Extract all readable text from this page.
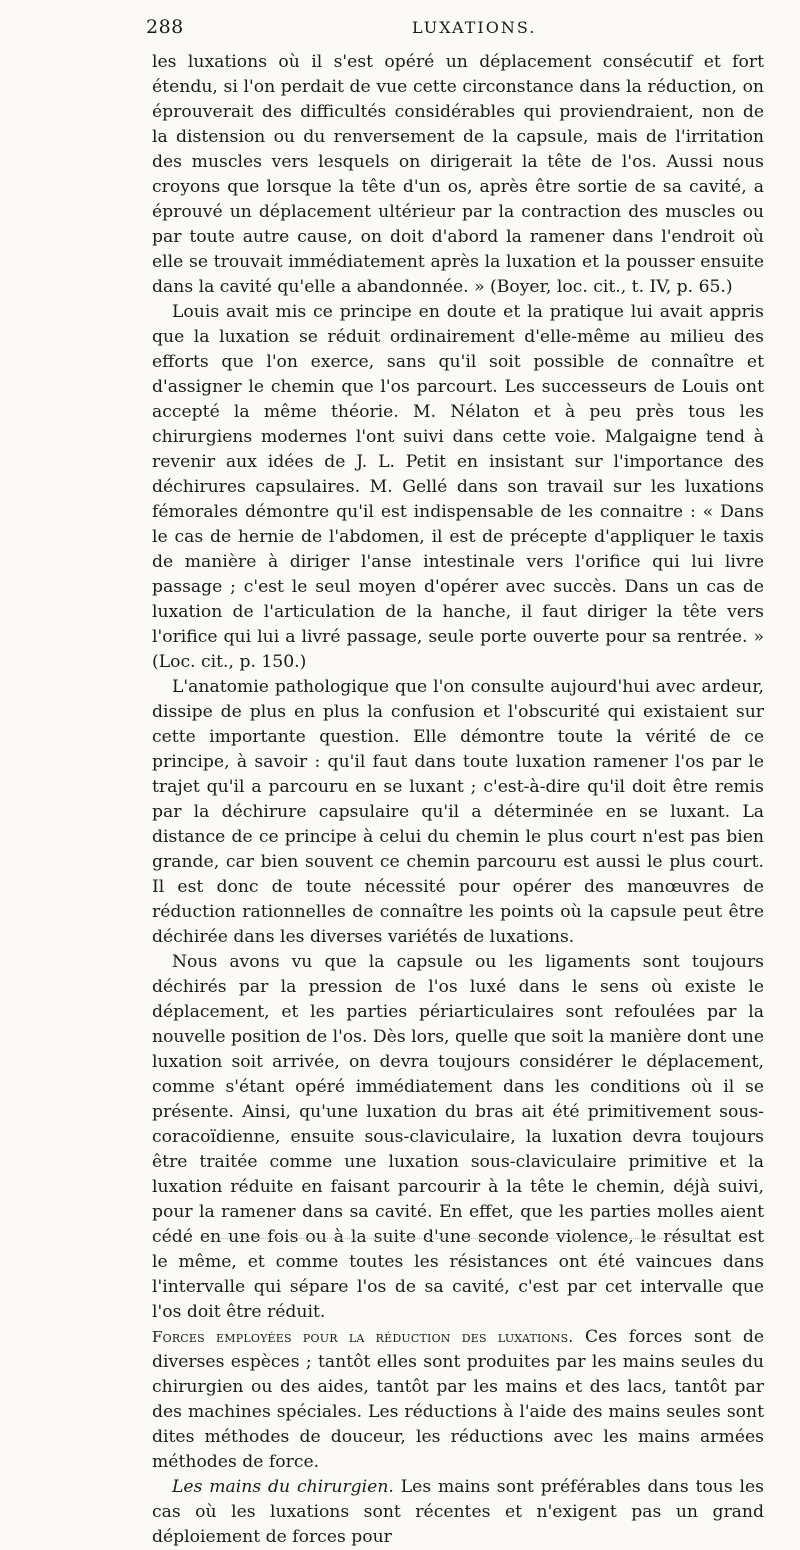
288	LUXATIONS.

les luxations où il s'est opéré un déplacement consécutif et fort étendu, si l'on perdait de vue cette circonstance dans la réduction, on éprouverait des difficultés considérables qui proviendraient, non de la distension ou du renversement de la capsule, mais de l'irritation des muscles vers lesquels on dirigerait la tête de l'os. Aussi nous croyons que lorsque la tête d'un os, après être sortie de sa cavité, a éprouvé un déplacement ultérieur par la contraction des muscles ou par toute autre cause, on doit d'abord la ramener dans l'endroit où elle se trouvait immédiatement après la luxation et la pousser ensuite dans la cavité qu'elle a abandonnée. » (Boyer, loc. cit., t. IV, p. 65.)

Louis avait mis ce principe en doute et la pratique lui avait appris que la luxation se réduit ordinairement d'elle-même au milieu des efforts que l'on exerce, sans qu'il soit possible de connaître et d'assigner le chemin que l'os parcourt. Les successeurs de Louis ont accepté la même théorie. M. Nélaton et à peu près tous les chirurgiens modernes l'ont suivi dans cette voie. Malgaigne tend à revenir aux idées de J. L. Petit en insistant sur l'importance des déchirures capsulaires. M. Gellé dans son travail sur les luxations fémorales démontre qu'il est indispensable de les connaitre : « Dans le cas de hernie de l'abdomen, il est de précepte d'appliquer le taxis de manière à diriger l'anse intestinale vers l'orifice qui lui livre passage ; c'est le seul moyen d'opérer avec succès. Dans un cas de luxation de l'articulation de la hanche, il faut diriger la tête vers l'orifice qui lui a livré passage, seule porte ouverte pour sa rentrée. » (Loc. cit., p. 150.)

L'anatomie pathologique que l'on consulte aujourd'hui avec ardeur, dissipe de plus en plus la confusion et l'obscurité qui existaient sur cette importante question. Elle démontre toute la vérité de ce principe, à savoir : qu'il faut dans toute luxation ramener l'os par le trajet qu'il a parcouru en se luxant ; c'est-à-dire qu'il doit être remis par la déchirure capsulaire qu'il a déterminée en se luxant. La distance de ce principe à celui du chemin le plus court n'est pas bien grande, car bien souvent ce chemin parcouru est aussi le plus court. Il est donc de toute nécessité pour opérer des manœuvres de réduction rationnelles de connaître les points où la capsule peut être déchirée dans les diverses variétés de luxations.

Nous avons vu que la capsule ou les ligaments sont toujours déchirés par la pression de l'os luxé dans le sens où existe le déplacement, et les parties périarticulaires sont refoulées par la nouvelle position de l'os. Dès lors, quelle que soit la manière dont une luxation soit arrivée, on devra toujours considérer le déplacement, comme s'étant opéré immédiatement dans les conditions où il se présente. Ainsi, qu'une luxation du bras ait été primitivement sous-coracoïdienne, ensuite sous-claviculaire, la luxation devra toujours être traitée comme une luxation sous-claviculaire primitive et la luxation réduite en faisant parcourir à la tête le chemin, déjà suivi, pour la ramener dans sa cavité. En effet, que les parties molles aient cédé en une fois ou à la suite d'une seconde violence, le résultat est le même, et comme toutes les résistances ont été vaincues dans l'intervalle qui sépare l'os de sa cavité, c'est par cet intervalle que l'os doit être réduit.

Forces employées pour la réduction des luxations. Ces forces sont de diverses espèces ; tantôt elles sont produites par les mains seules du chirurgien ou des aides, tantôt par les mains et des lacs, tantôt par des machines spéciales. Les réductions à l'aide des mains seules sont dites méthodes de douceur, les réductions avec les mains armées méthodes de force.

Les mains du chirurgien. Les mains sont préférables dans tous les cas où les luxations sont récentes et n'exigent pas un grand déploiement de forces pour
